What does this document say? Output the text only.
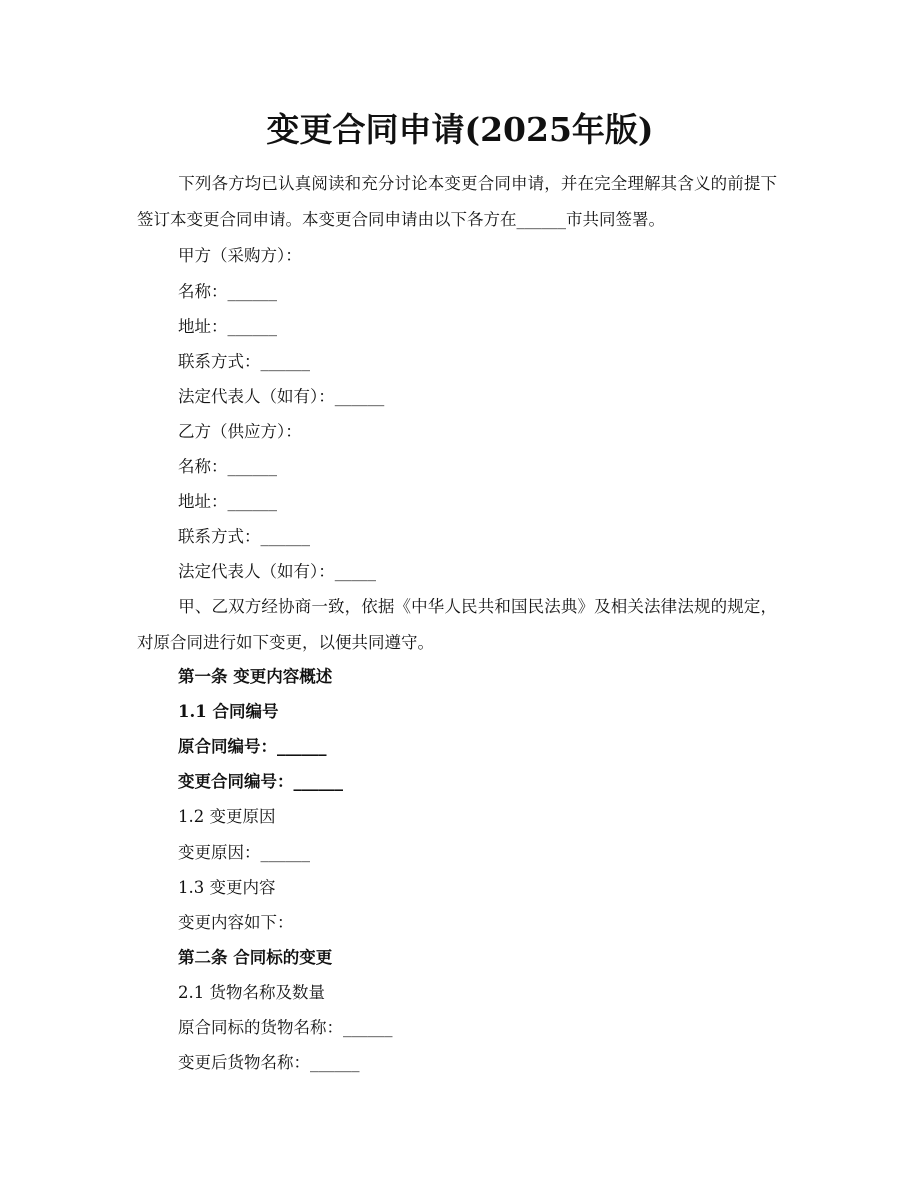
变更合同申请(2025年版)

下列各方均已认真阅读和充分讨论本变更合同申请，并在完全理解其含义的前提下签订本变更合同申请。本变更合同申请由以下各方在______市共同签署。

甲方（采购方）：
名称：______
地址：______
联系方式：______
法定代表人（如有）：______
乙方（供应方）：
名称：______
地址：______
联系方式：______
法定代表人（如有）：_____

甲、乙双方经协商一致，依据《中华人民共和国民法典》及相关法律法规的规定，对原合同进行如下变更，以便共同遵守。

第一条 变更内容概述
1.1 合同编号
原合同编号：______
变更合同编号：______
1.2 变更原因
变更原因：______
1.3 变更内容
变更内容如下：
第二条 合同标的变更
2.1 货物名称及数量
原合同标的货物名称：______
变更后货物名称：______
